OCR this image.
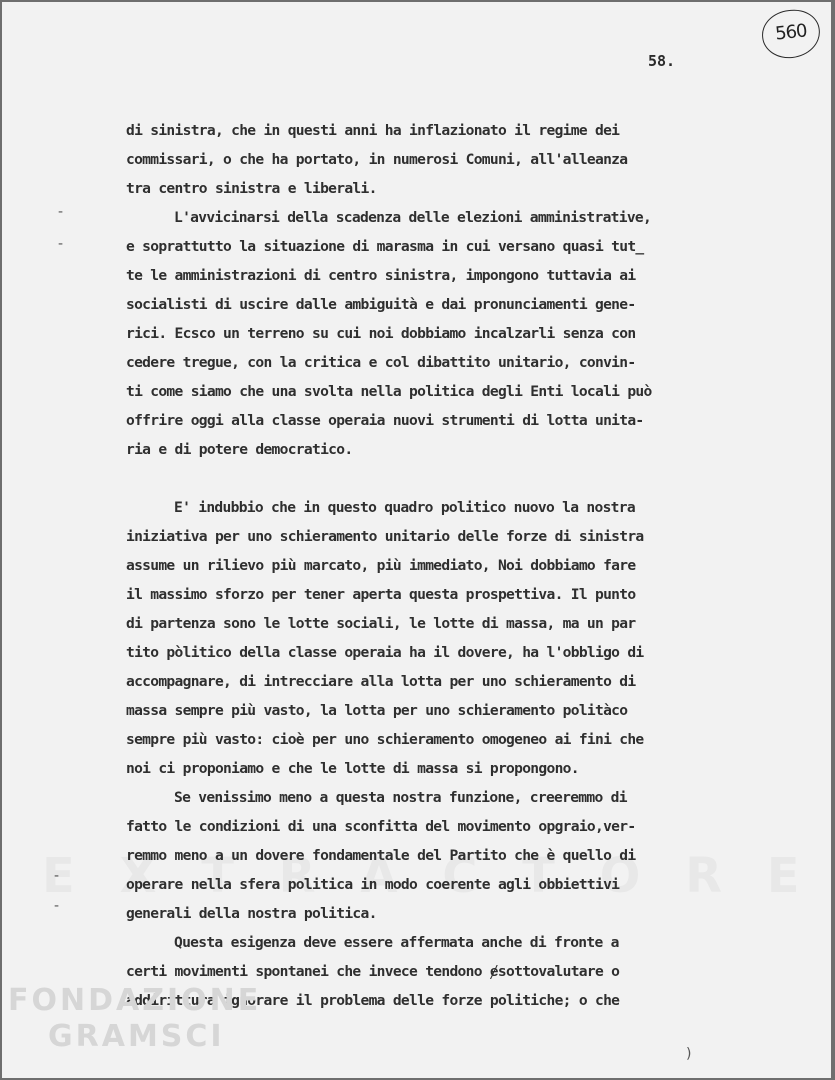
560
58.
-
-
-
-
di sinistra, che in questi anni ha inflazionato il regime dei
commissari, o che ha portato, in numerosi Comuni, all'alleanza
tra centro sinistra e liberali.
L'avvicinarsi della scadenza delle elezioni amministrative,
e soprattutto la situazione di marasma in cui versano quasi tut_
te le amministrazioni di centro sinistra, impongono tuttavia ai
socialisti di uscire dalle ambiguità e dai pronunciamenti gene-
rici. Ecsco un terreno su cui noi dobbiamo incalzarli senza con
cedere tregue, con la critica e col dibattito unitario, convin-
ti come siamo che una svolta nella politica degli Enti locali può
offrire oggi alla classe operaia nuovi strumenti di lotta unita-
ria e di potere democratico.
E' indubbio che in questo quadro politico nuovo la nostra
iniziativa per uno schieramento unitario delle forze di sinistra
assume un rilievo più marcato, più immediato, Noi dobbiamo fare
il massimo sforzo per tener aperta questa prospettiva. Il punto
di partenza sono le lotte sociali, le lotte di massa, ma un par
tito pòlitico della classe operaia ha il dovere, ha l'obbligo di
accompagnare, di intrecciare alla lotta per uno schieramento di
massa sempre più vasto, la lotta per uno schieramento politàco
sempre più vasto: cioè per uno schieramento omogeneo ai fini che
noi ci proponiamo e che le lotte di massa si propongono.
Se venissimo meno a questa nostra funzione, creeremmo di
fatto le condizioni di una sconfitta del movimento opgraio,ver-
remmo meno a un dovere fondamentale del Partito che è quello di
operare nella sfera politica in modo coerente agli obbiettivi
generali della nostra politica.
Questa esigenza deve essere affermata anche di fronte a
certi movimenti spontanei che invece tendono ɇsottovalutare o
addirittura ignorare il problema delle forze politiche; o che
FONDAZIONE
GRAMSCI	)
